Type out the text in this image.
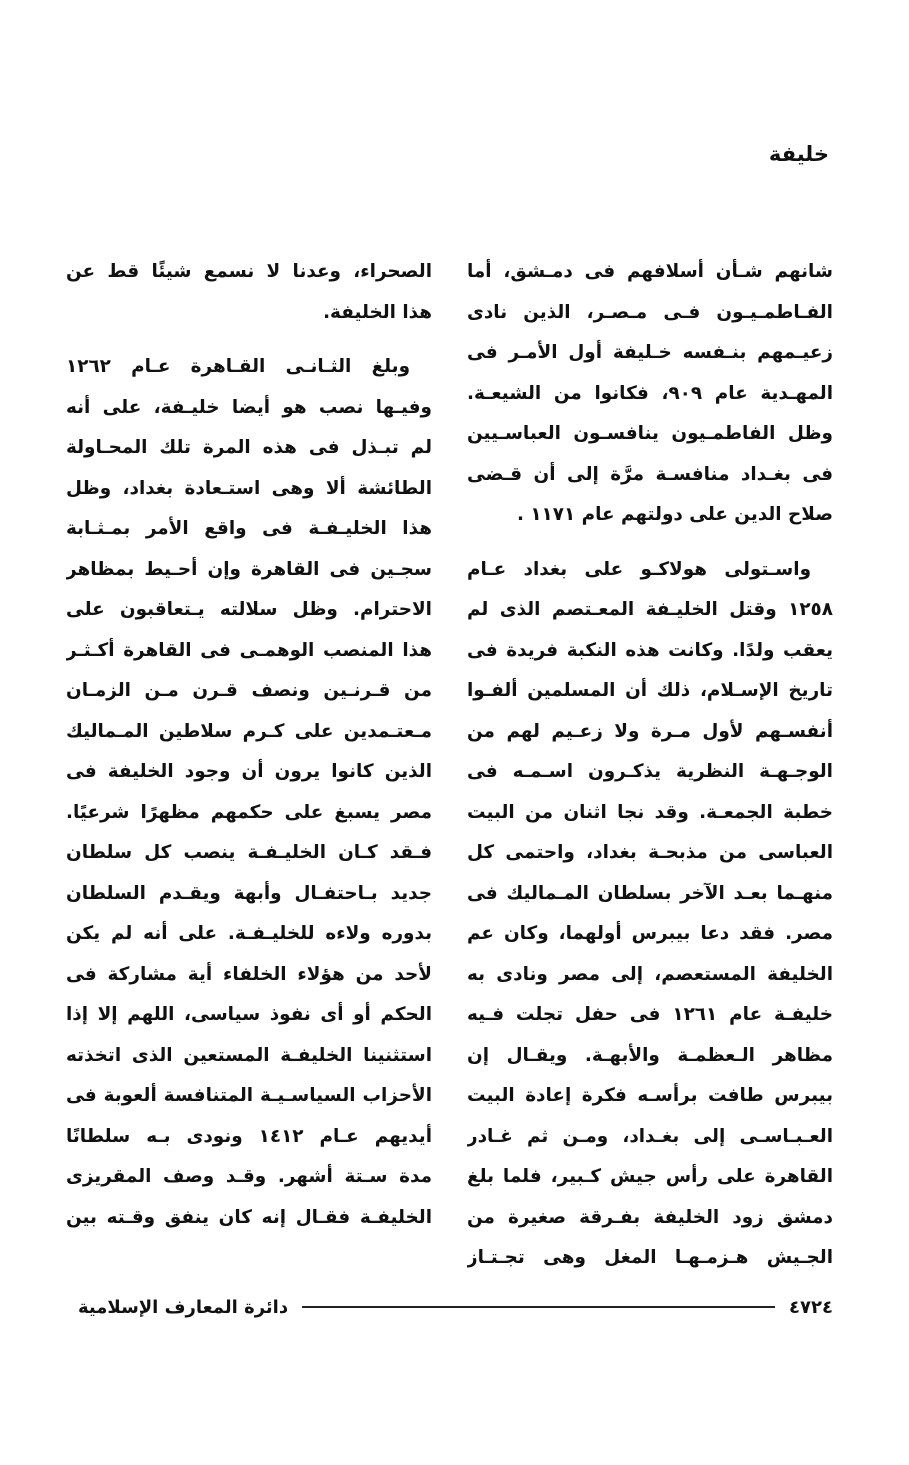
خليفة
شانهم شـأن أسلافهم فى دمـشق، أما
الفـاطمـيـون فـى مـصـر، الذين نادى
زعيـمهم بنـفسه خـليفة أول الأمـر فى
المهـدية عام ٩٠٩، فكانوا من الشيعـة.
وظل الفاطمـيون ينافسـون العباسـيين
فى بغـداد منافسـة مرَّة إلى أن قـضى
صلاح الدين على دولتهم عام ١١٧١ .
واسـتولى هولاكـو على بغداد عـام
١٢٥٨ وقتل الخليـفة المعـتصم الذى لم
يعقب ولدًا. وكانت هذه النكبة فريدة فى
تاريخ الإسـلام، ذلك أن المسلمين ألفـوا
أنفسـهم لأول مـرة ولا زعـيم لهم من
الوجـهـة النظرية يذكـرون اسـمـه فى
خطبة الجمعـة. وقد نجا اثنان من البيت
العباسى من مذبحـة بغداد، واحتمى كل
منهـما بعـد الآخر بسلطان المـماليك فى
مصر. فقد دعا بيبرس أولهما، وكان عم
الخليفة المستعصم، إلى مصر ونادى به
خليفـة عام ١٢٦١ فى حفل تجلت فـيه
مظاهر الـعظمـة والأبهـة. ويقـال إن
بيبرس طافت برأسـه فكرة إعادة البيت
العـبـاسـى إلى بغـداد، ومـن ثم غـادر
القاهرة على رأس جيش كـبير، فلما بلغ
دمشق زود الخليفة بفـرقة صغيرة من
الجـيش هـزمـهـا المغل وهى تجـتـاز
الصحراء، وعدنا لا نسمع شيئًا قط عن
هذا الخليفة.
وبلغ الثـانـى القـاهرة عـام ١٢٦٢
وفيـها نصب هو أيضا خليـفة، على أنه
لم تبـذل فى هذه المرة تلك المحـاولة
الطائشة ألا وهى استـعادة بغداد، وظل
هذا الخليـفـة فى واقع الأمر بمـثـابة
سجـين فى القاهرة وإن أحـيط بمظاهر
الاحترام. وظل سلالته يـتعاقبون على
هذا المنصب الوهمـى فى القاهرة أكـثـر
من قـرنـين ونصف قـرن مـن الزمـان
مـعتـمدين على كـرم سلاطين المـماليك
الذين كانوا يرون أن وجود الخليفة فى
مصر يسبغ على حكمهم مظهرًا شرعيًا.
فـقد كـان الخليـفـة ينصب كل سلطان
جديد بـاحتفـال وأبهة ويقـدم السلطان
بدوره ولاءه للخليـفـة. على أنه لم يكن
لأحد من هؤلاء الخلفاء أية مشاركة فى
الحكم أو أى نفوذ سياسى، اللهم إلا إذا
استثنينا الخليفـة المستعين الذى اتخذته
الأحزاب السياسـيـة المتنافسة ألعوبة فى
أيديهم عـام ١٤١٢ ونودى بـه سلطانًا
مدة سـتة أشهر. وقـد وصف المقريزى
الخليفـة فقـال إنه كان ينفق وقـته بين
٤٧٢٤
دائرة المعارف الإسلامية
